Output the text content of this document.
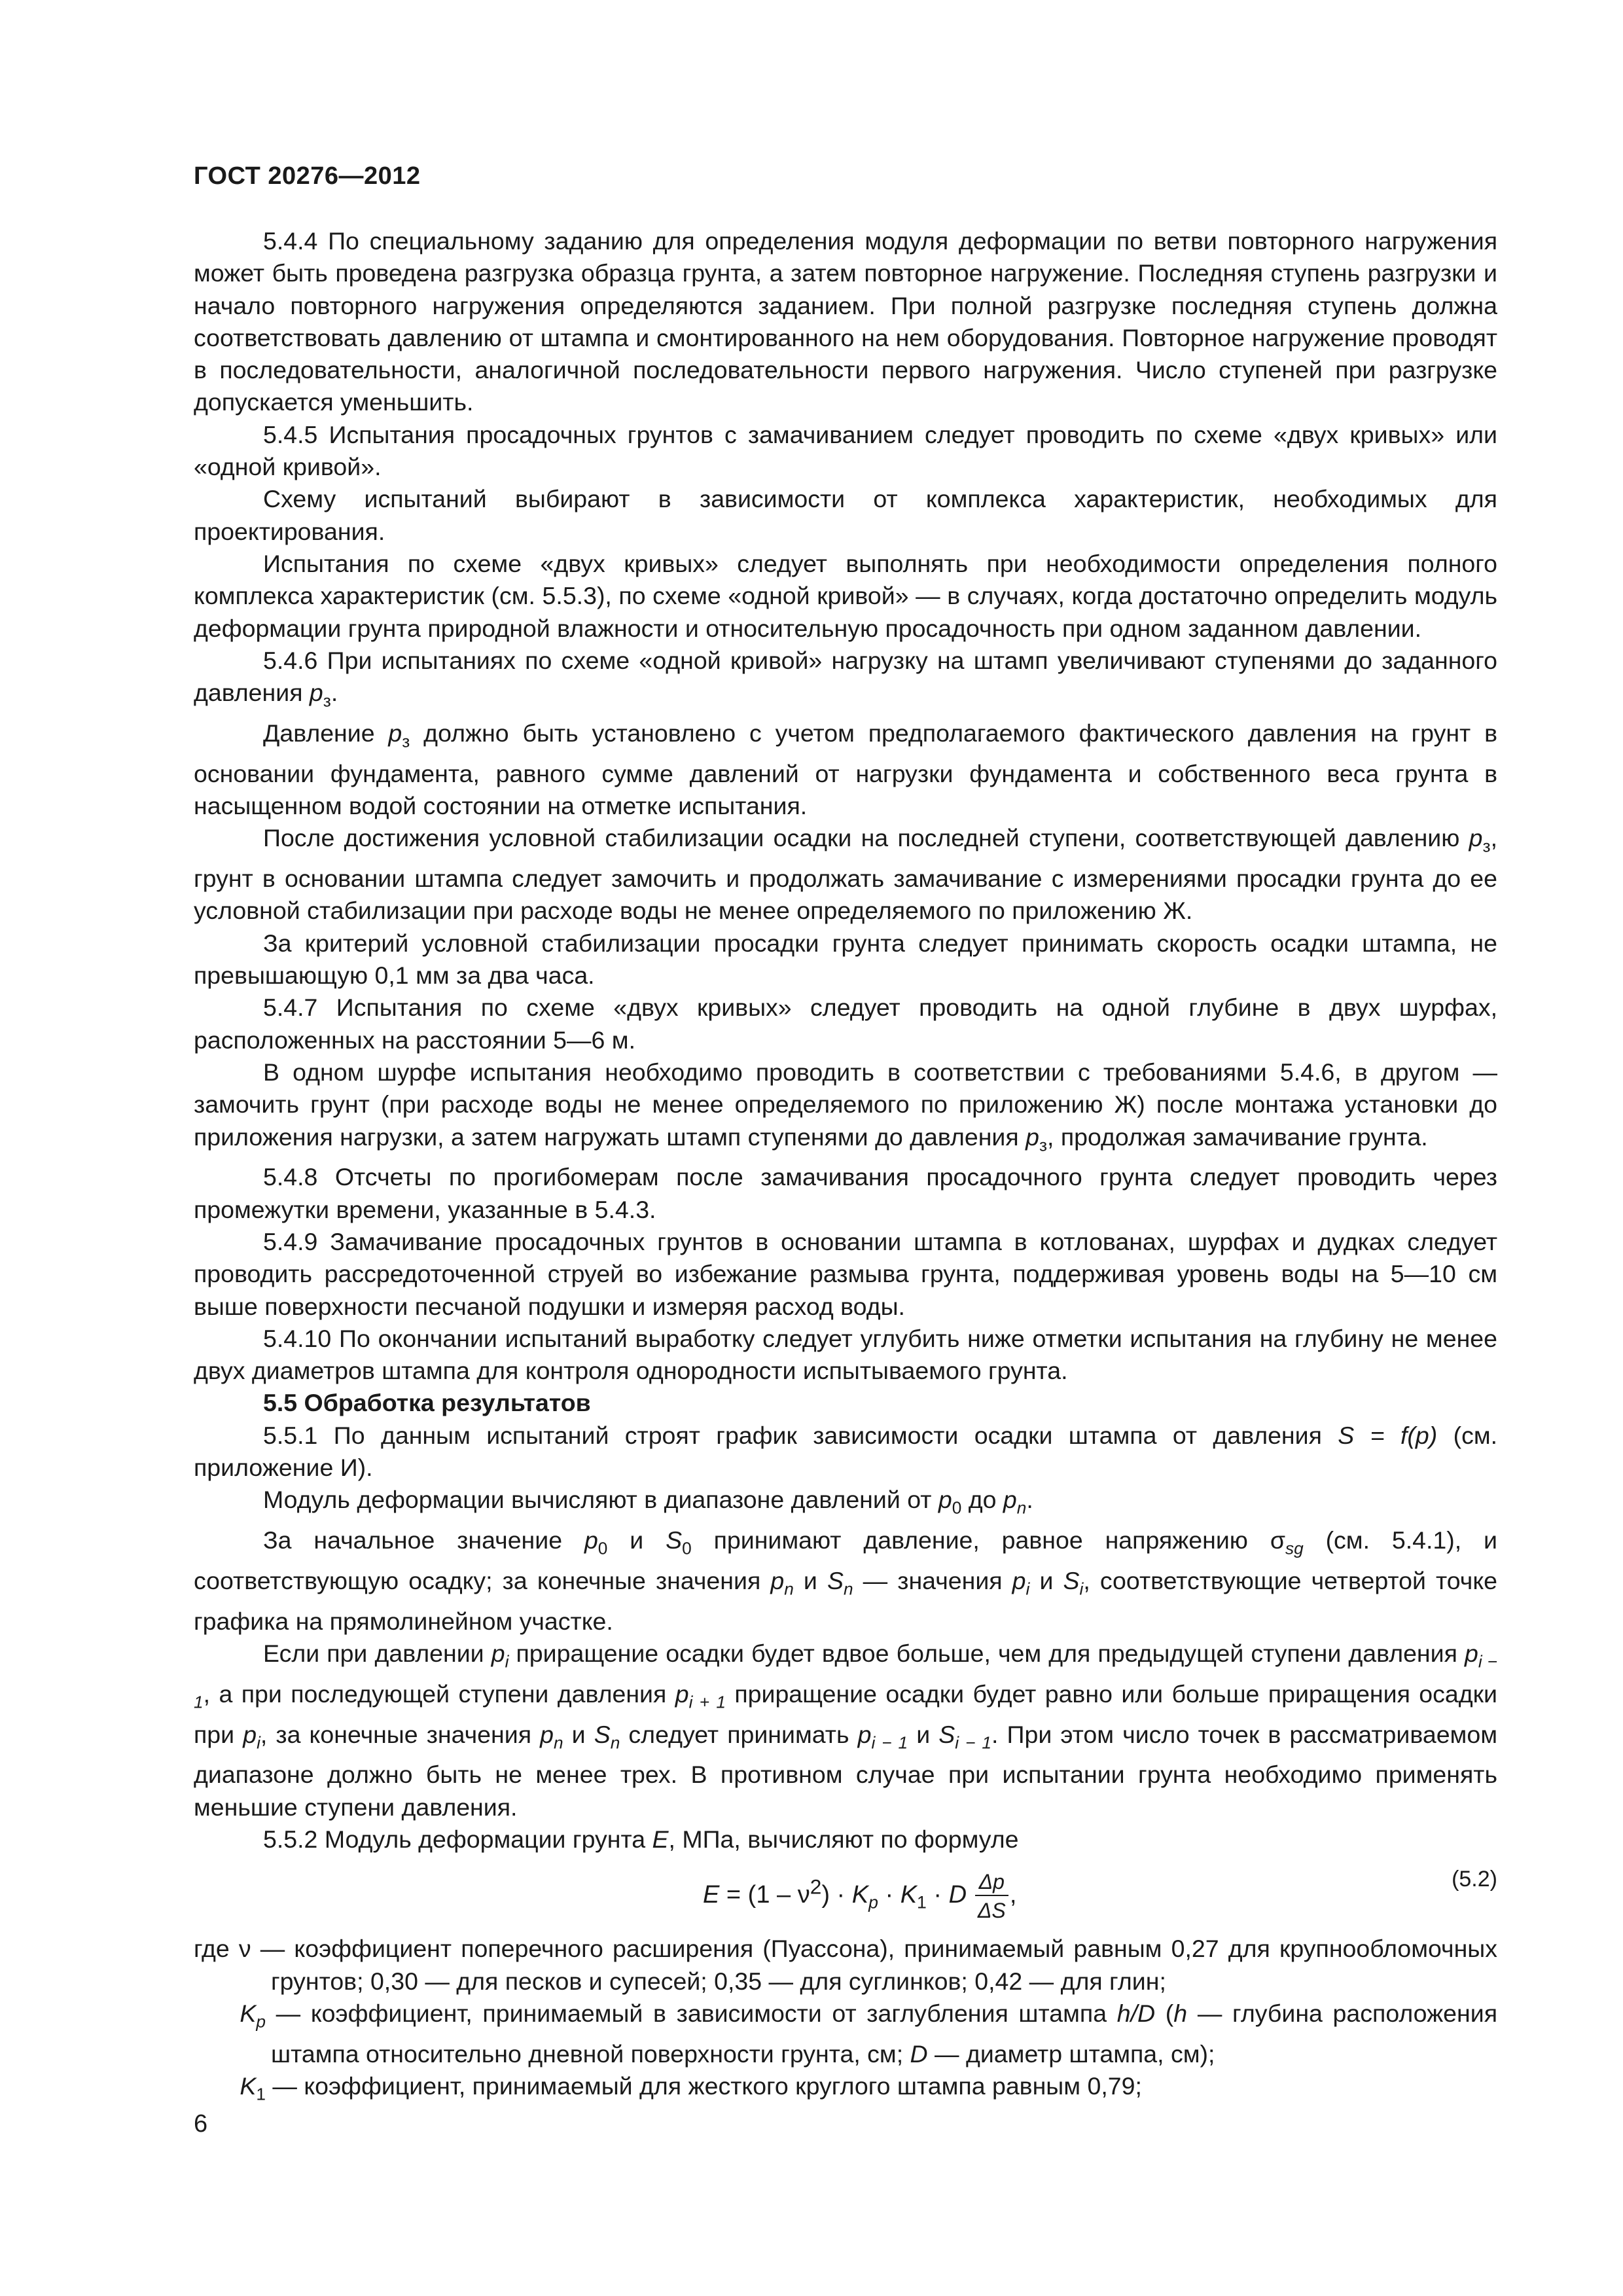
ГОСТ 20276—2012

5.4.4 По специальному заданию для определения модуля деформации по ветви повторного нагружения может быть проведена разгрузка образца грунта, а затем повторное нагружение. Последняя ступень разгрузки и начало повторного нагружения определяются заданием. При полной разгрузке последняя ступень должна соответствовать давлению от штампа и смонтированного на нем оборудования. Повторное нагружение проводят в последовательности, аналогичной последовательности первого нагружения. Число ступеней при разгрузке допускается уменьшить.

5.4.5 Испытания просадочных грунтов с замачиванием следует проводить по схеме «двух кривых» или «одной кривой».

Схему испытаний выбирают в зависимости от комплекса характеристик, необходимых для проектирования.

Испытания по схеме «двух кривых» следует выполнять при необходимости определения полного комплекса характеристик (см. 5.5.3), по схеме «одной кривой» — в случаях, когда достаточно определить модуль деформации грунта природной влажности и относительную просадочность при одном заданном давлении.

5.4.6 При испытаниях по схеме «одной кривой» нагрузку на штамп увеличивают ступенями до заданного давления $p_з$.

Давление $p_з$ должно быть установлено с учетом предполагаемого фактического давления на грунт в основании фундамента, равного сумме давлений от нагрузки фундамента и собственного веса грунта в насыщенном водой состоянии на отметке испытания.

После достижения условной стабилизации осадки на последней ступени, соответствующей давлению $p_з$, грунт в основании штампа следует замочить и продолжать замачивание с измерениями просадки грунта до ее условной стабилизации при расходе воды не менее определяемого по приложению Ж.

За критерий условной стабилизации просадки грунта следует принимать скорость осадки штампа, не превышающую 0,1 мм за два часа.

5.4.7 Испытания по схеме «двух кривых» следует проводить на одной глубине в двух шурфах, расположенных на расстоянии 5—6 м.

В одном шурфе испытания необходимо проводить в соответствии с требованиями 5.4.6, в другом — замочить грунт (при расходе воды не менее определяемого по приложению Ж) после монтажа установки до приложения нагрузки, а затем нагружать штамп ступенями до давления $p_з$, продолжая замачивание грунта.

5.4.8 Отсчеты по прогибомерам после замачивания просадочного грунта следует проводить через промежутки времени, указанные в 5.4.3.

5.4.9 Замачивание просадочных грунтов в основании штампа в котлованах, шурфах и дудках следует проводить рассредоточенной струей во избежание размыва грунта, поддерживая уровень воды на 5—10 см выше поверхности песчаной подушки и измеряя расход воды.

5.4.10 По окончании испытаний выработку следует углубить ниже отметки испытания на глубину не менее двух диаметров штампа для контроля однородности испытываемого грунта.

5.5 Обработка результатов

5.5.1 По данным испытаний строят график зависимости осадки штампа от давления S = f(p) (см. приложение И).

Модуль деформации вычисляют в диапазоне давлений от $p_0$ до $p_n$.

За начальное значение $p_0$ и $S_0$ принимают давление, равное напряжению $\sigma_{sg}$ (см. 5.4.1), и соответствующую осадку; за конечные значения $p_n$ и $S_n$ — значения $p_i$ и $S_i$, соответствующие четвертой точке графика на прямолинейном участке.

Если при давлении $p_i$ приращение осадки будет вдвое больше, чем для предыдущей ступени давления $p_{i - 1}$, а при последующей ступени давления $p_{i + 1}$ приращение осадки будет равно или больше приращения осадки при $p_i$, за конечные значения $p_n$ и $S_n$ следует принимать $p_{i - 1}$ и $S_{i - 1}$. При этом число точек в рассматриваемом диапазоне должно быть не менее трех. В противном случае при испытании грунта необходимо применять меньшие ступени давления.

5.5.2 Модуль деформации грунта E, МПа, вычисляют по формуле

$E = (1 - \nu^2) \cdot K_p \cdot K_1 \cdot D \frac{\Delta p}{\Delta S}$ ,
(5.2)

где ν — коэффициент поперечного расширения (Пуассона), принимаемый равным 0,27 для крупнообломочных грунтов; 0,30 — для песков и супесей; 0,35 — для суглинков; 0,42 — для глин;

$K_p$ — коэффициент, принимаемый в зависимости от заглубления штампа h/D (h — глубина расположения штампа относительно дневной поверхности грунта, см; D — диаметр штампа, см);

$K_1$ — коэффициент, принимаемый для жесткого круглого штампа равным 0,79;

6
